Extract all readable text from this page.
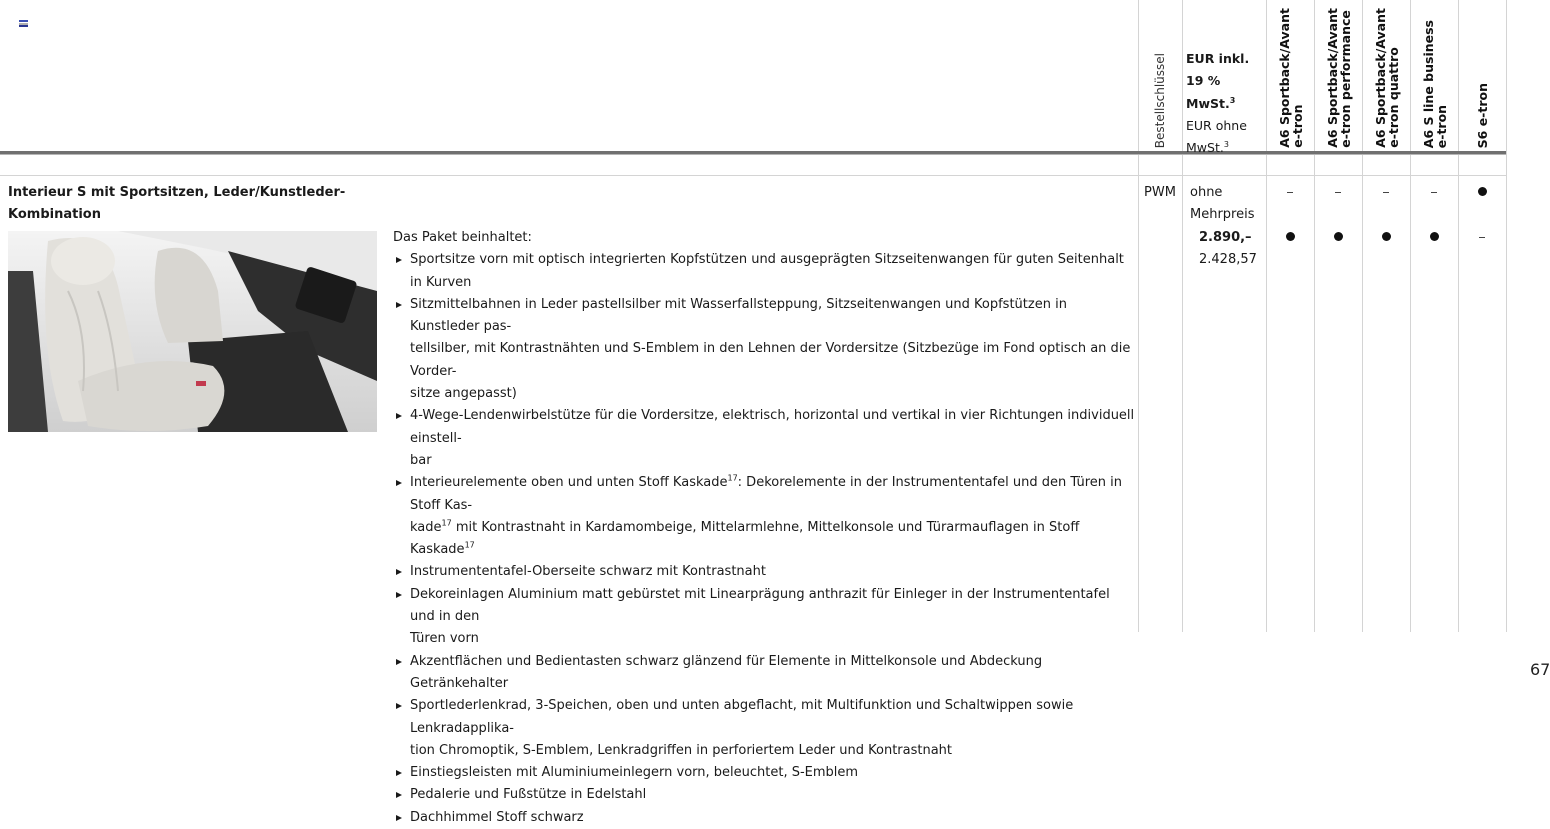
Bestellschlüssel EUR inkl.
19 % MwSt.$^3$
EUR ohne
MwSt.$^3$	A6 Sportback/Avant
e-tron A6 Sportback/Avant
e-tron performance
A6 Sportback/Avant
e-tron quattro
A6 S line business
e-tron S6 e-tron
Interieur S mit Sportsitzen, Leder/Kunstleder-Kombination
Das Paket beinhaltet:
Sportsitze vorn mit optisch integrierten Kopfstützen und ausgeprägten Sitzseitenwangen für guten Seitenhalt in Kurven
Sitzmittelbahnen in Leder pastellsilber mit Wasserfallsteppung, Sitzseitenwangen und Kopfstützen in Kunstleder pas-
tellsilber, mit Kontrastnähten und S-Emblem in den Lehnen der Vordersitze (Sitzbezüge im Fond optisch an die Vorder-
sitze angepasst)
4-Wege-Lendenwirbelstütze für die Vordersitze, elektrisch, horizontal und vertikal in vier Richtungen individuell einstell-
bar
Interieurelemente oben und unten Stoff Kaskade$^{17}$: Dekorelemente in der Instrumententafel und den Türen in Stoff Kas-
kade$^{17}$ mit Kontrastnaht in Kardamombeige, Mittelarmlehne, Mittelkonsole und Türarmauflagen in Stoff Kaskade$^{17}$
Instrumententafel-Oberseite schwarz mit Kontrastnaht
Dekoreinlagen Aluminium matt gebürstet mit Linearprägung anthrazit für Einleger in der Instrumententafel und in den
Türen vorn
Akzentflächen und Bedientasten schwarz glänzend für Elemente in Mittelkonsole und Abdeckung Getränkehalter
Sportlederlenkrad, 3-Speichen, oben und unten abgeflacht, mit Multifunktion und Schaltwippen sowie Lenkradapplika-
tion Chromoptik, S-Emblem, Lenkradgriffen in perforiertem Leder und Kontrastnaht
Einstiegsleisten mit Aluminiumeinlegern vorn, beleuchtet, S-Emblem
Pedalerie und Fußstütze in Edelstahl
Dachhimmel Stoff schwarz
PWM ohne
Mehrpreis
2.890,–
2.428,57
67
